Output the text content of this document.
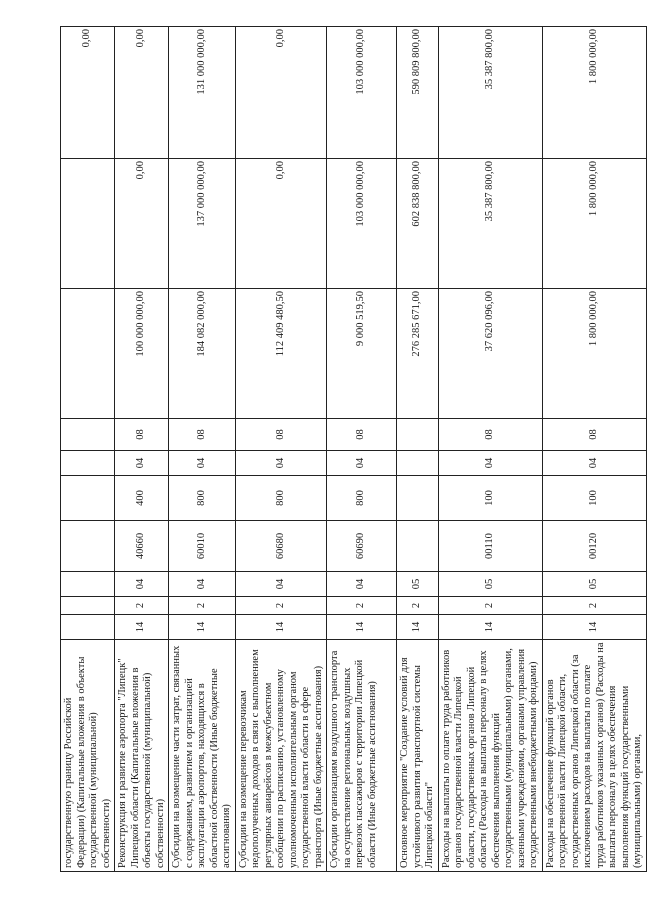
государственную границу Российской Федерации) (Капитальные вложения в объекты государственной (муниципальной) собственности)										0,00
Реконструкция и развитие аэропорта "Липецк" Липецкой области (Капитальные вложения в объекты государственной (муниципальной) собственности)	14	2	04	40660	400	04	08	100 000 000,00	0,00	0,00
Субсидии на возмещение части затрат, связанных с содержанием, развитием и организацией эксплуатации аэропортов, находящихся в областной собственности (Иные бюджетные ассигнования)	14	2	04	60010	800	04	08	184 082 000,00	137 000 000,00	131 000 000,00
Субсидии на возмещение перевозчикам недополученных доходов в связи с выполнением регулярных авиарейсов в межсубъектном сообщении по расписанию, установленному уполномоченным исполнительным органом государственной власти области в сфере транспорта (Иные бюджетные ассигнования)	14	2	04	60680	800	04	08	112 409 480,50	0,00	0,00
Субсидии организациям воздушного транспорта на осуществление региональных воздушных перевозок пассажиров с территории Липецкой области (Иные бюджетные ассигнования)	14	2	04	60690	800	04	08	9 000 519,50	103 000 000,00	103 000 000,00
Основное мероприятие "Создание условий для устойчивого развития транспортной системы Липецкой области"	14	2	05					276 285 671,00	602 838 800,00	590 809 800,00
Расходы на выплаты по оплате труда работников органов государственной власти Липецкой области, государственных органов Липецкой области (Расходы на выплаты персоналу в целях обеспечения выполнения функций государственными (муниципальными) органами, казенными учреждениями, органами управления государственными внебюджетными фондами)	14	2	05	00110	100	04	08	37 620 096,00	35 387 800,00	35 387 800,00
Расходы на обеспечение функций органов государственной власти Липецкой области, государственных органов Липецкой области (за исключением расходов на выплаты по оплате труда работников указанных органов) (Расходы на выплаты персоналу в целях обеспечения выполнения функций государственными (муниципальными) органами,	14	2	05	00120	100	04	08	1 800 000,00	1 800 000,00	1 800 000,00
